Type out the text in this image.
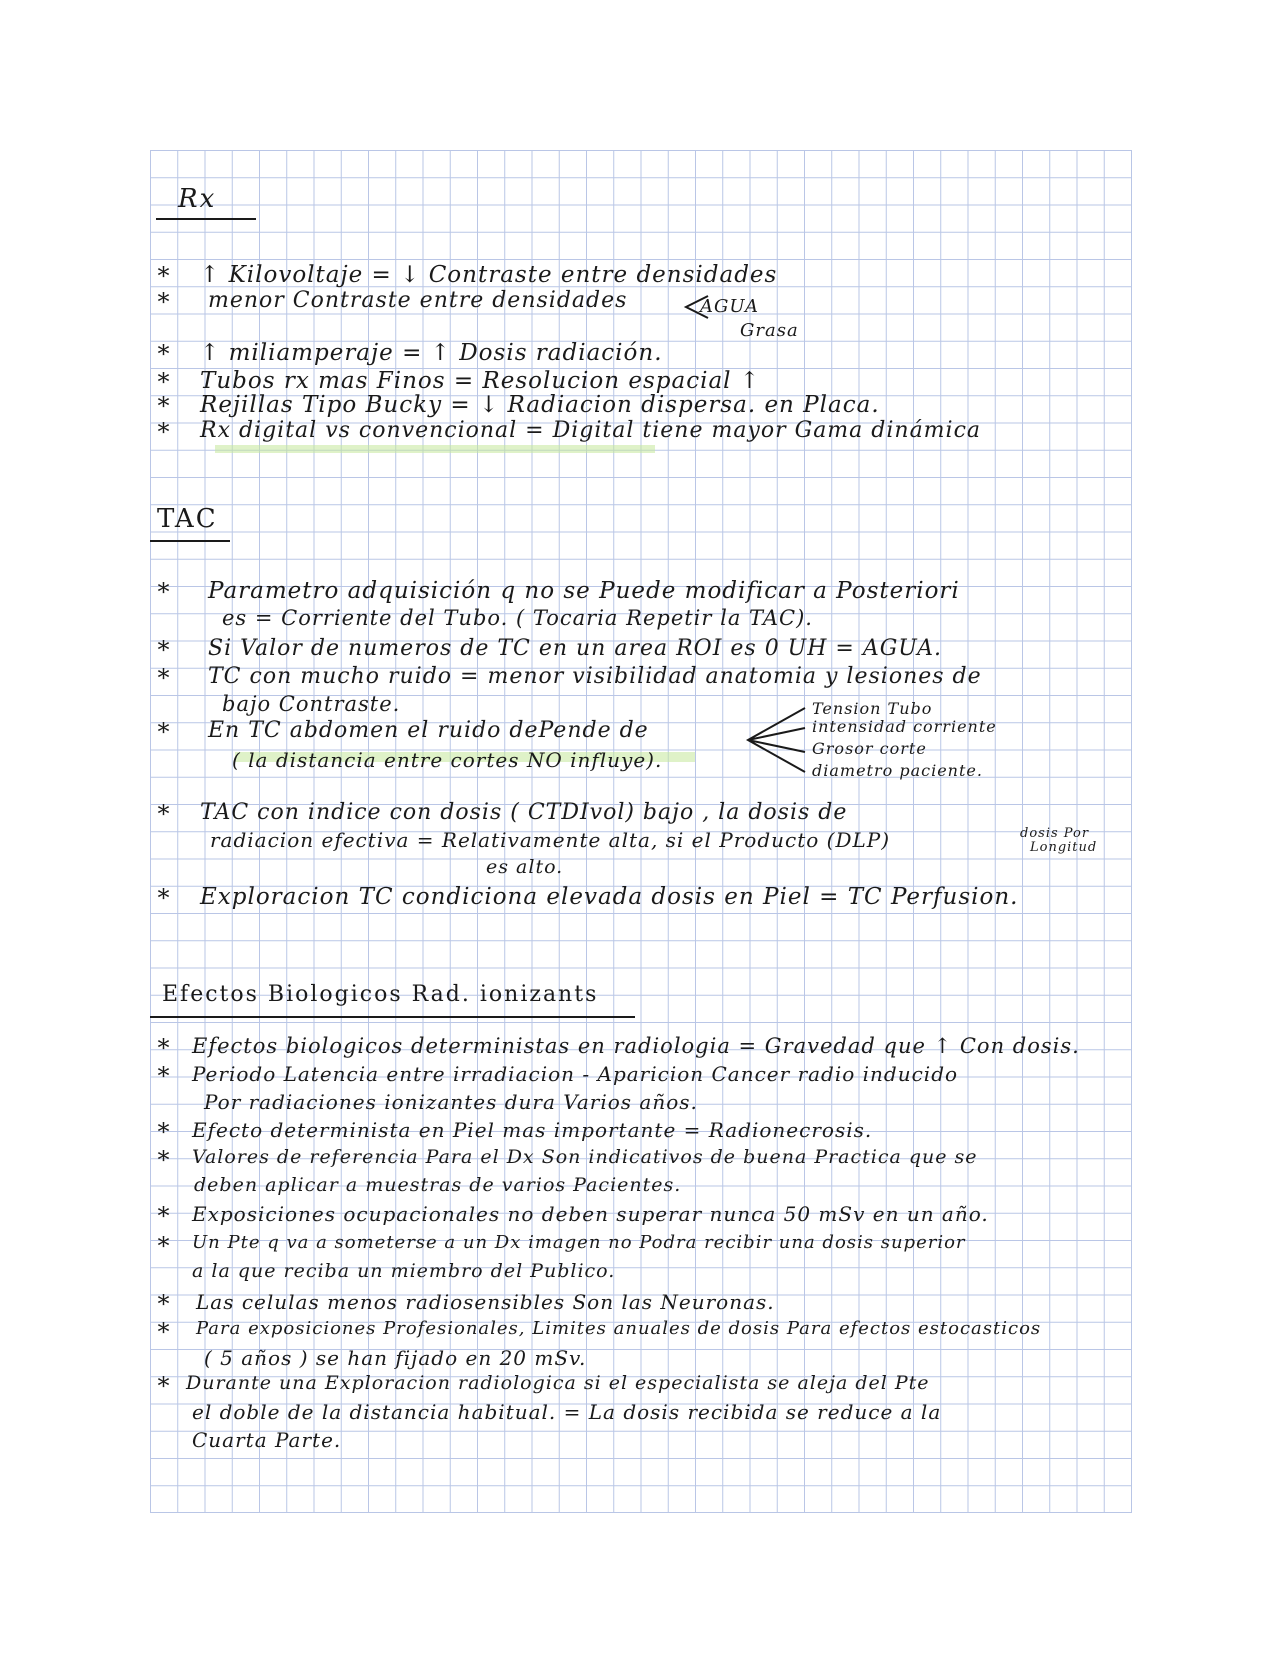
Rx
*	↑ Kilovoltaje = ↓ Contraste entre densidades
*	menor Contraste entre densidades
*	↑ miliamperaje = ↑ Dosis radiación.
*	Tubos rx mas Finos = Resolucion espacial ↑
*	Rejillas Tipo Bucky = ↓ Radiacion dispersa. en Placa.
*	Rx digital vs convencional = Digital tiene mayor Gama dinámica
AGUA
Grasa
TAC
*	Parametro adquisición q no se Puede modificar a Posteriori
es = Corriente del Tubo. ( Tocaria Repetir la TAC).
*	Si Valor de numeros de TC en un area ROI es 0 UH = AGUA.
*	TC con mucho ruido = menor visibilidad anatomia y lesiones de
bajo Contraste.
*	En TC abdomen el ruido dePende de
( la distancia entre cortes NO influye).
*	TAC con indice con dosis ( CTDIvol) bajo , la dosis de
radiacion efectiva = Relativamente alta, si el Producto (DLP)
es alto.
*	Exploracion TC condiciona elevada dosis en Piel = TC Perfusion.
Tension Tubo
intensidad corriente
Grosor corte
diametro paciente.
dosis Por
Longitud
Efectos Biologicos Rad. ionizants
*	Efectos biologicos deterministas en radiologia = Gravedad que ↑ Con dosis.
*	Periodo Latencia entre irradiacion - Aparicion Cancer radio inducido
Por radiaciones ionizantes dura Varios años.
*	Efecto determinista en Piel mas importante = Radionecrosis.
*	Valores de referencia Para el Dx Son indicativos de buena Practica que se
deben aplicar a muestras de varios Pacientes.
*	Exposiciones ocupacionales no deben superar nunca 50 mSv en un año.
*	Un Pte q va a someterse a un Dx imagen no Podra recibir una dosis superior
a la que reciba un miembro del Publico.
*	Las celulas menos radiosensibles Son las Neuronas.
*	Para exposiciones Profesionales, Limites anuales de dosis Para efectos estocasticos
( 5 años ) se han fijado en 20 mSv.
* Durante una Exploracion radiologica si el especialista se aleja del Pte
el doble de la distancia habitual. = La dosis recibida se reduce a la
Cuarta Parte.
